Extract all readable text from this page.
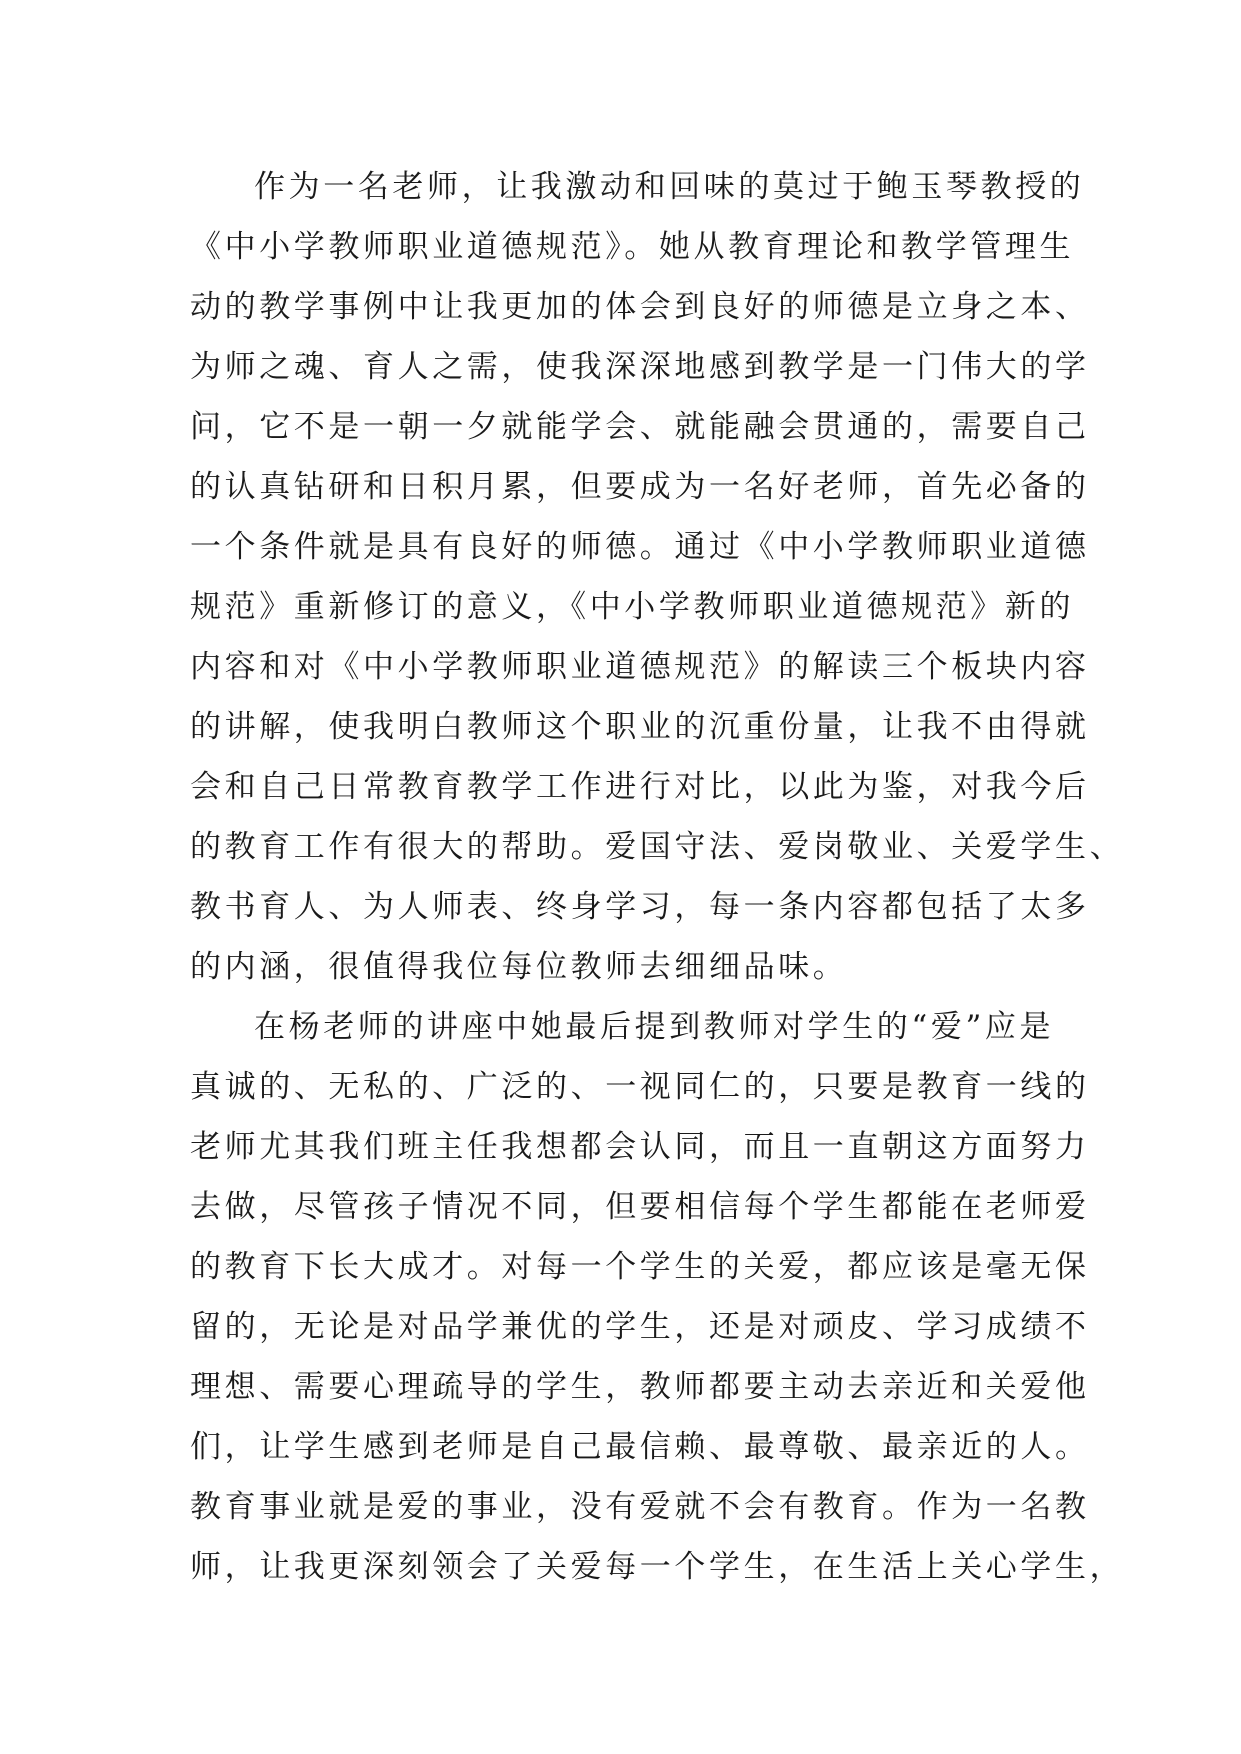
作为一名老师，让我激动和回味的莫过于鲍玉琴教授的
《中小学教师职业道德规范》。她从教育理论和教学管理生
动的教学事例中让我更加的体会到良好的师德是立身之本、
为师之魂、育人之需，使我深深地感到教学是一门伟大的学
问，它不是一朝一夕就能学会、就能融会贯通的，需要自己
的认真钻研和日积月累，但要成为一名好老师，首先必备的
一个条件就是具有良好的师德。通过《中小学教师职业道德
规范》重新修订的意义，《中小学教师职业道德规范》新的
内容和对《中小学教师职业道德规范》的解读三个板块内容
的讲解，使我明白教师这个职业的沉重份量，让我不由得就
会和自己日常教育教学工作进行对比，以此为鉴，对我今后
的教育工作有很大的帮助。爱国守法、爱岗敬业、关爱学生、
教书育人、为人师表、终身学习，每一条内容都包括了太多
的内涵，很值得我位每位教师去细细品味。
在杨老师的讲座中她最后提到教师对学生的“爱”应是
真诚的、无私的、广泛的、一视同仁的，只要是教育一线的
老师尤其我们班主任我想都会认同，而且一直朝这方面努力
去做，尽管孩子情况不同，但要相信每个学生都能在老师爱
的教育下长大成才。对每一个学生的关爱，都应该是毫无保
留的，无论是对品学兼优的学生，还是对顽皮、学习成绩不
理想、需要心理疏导的学生，教师都要主动去亲近和关爱他
们，让学生感到老师是自己最信赖、最尊敬、最亲近的人。
教育事业就是爱的事业，没有爱就不会有教育。作为一名教
师，让我更深刻领会了关爱每一个学生，在生活上关心学生，
